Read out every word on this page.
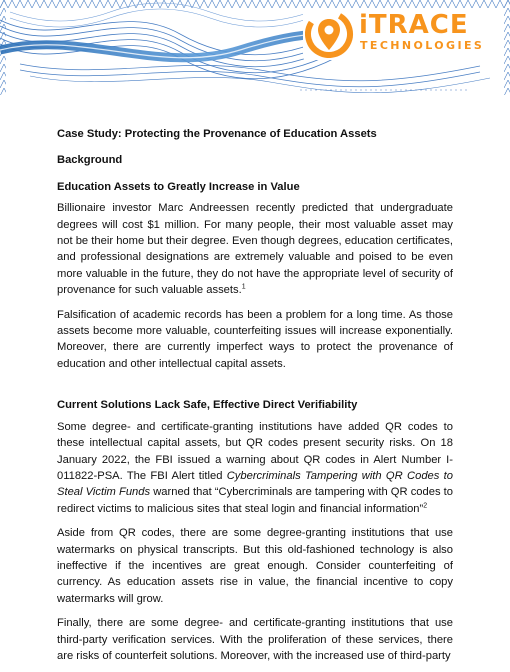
iTRACE
TECHNOLOGIES

Case Study: Protecting the Provenance of Education Assets

Background

Education Assets to Greatly Increase in Value

Billionaire investor Marc Andreessen recently predicted that undergraduate degrees will cost $1 million. For many people, their most valuable asset may not be their home but their degree. Even though degrees, education certificates, and professional designations are extremely valuable and poised to be even more valuable in the future, they do not have the appropriate level of security of provenance for such valuable assets.$^1$

Falsification of academic records has been a problem for a long time. As those assets become more valuable, counterfeiting issues will increase exponentially. Moreover, there are currently imperfect ways to protect the provenance of education and other intellectual capital assets.

Current Solutions Lack Safe, Effective Direct Verifiability

Some degree- and certificate-granting institutions have added QR codes to these intellectual capital assets, but QR codes present security risks. On 18 January 2022, the FBI issued a warning about QR codes in Alert Number I-011822-PSA. The FBI Alert titled Cybercriminals Tampering with QR Codes to Steal Victim Funds warned that “Cybercriminals are tampering with QR codes to redirect victims to malicious sites that steal login and financial information”$^2$

Aside from QR codes, there are some degree-granting institutions that use watermarks on physical transcripts. But this old-fashioned technology is also ineffective if the incentives are great enough. Consider counterfeiting of currency. As education assets rise in value, the financial incentive to copy watermarks will grow.

Finally, there are some degree- and certificate-granting institutions that use third-party verification services. With the proliferation of these services, there are risks of counterfeit solutions. Moreover, with the increased use of third-party
